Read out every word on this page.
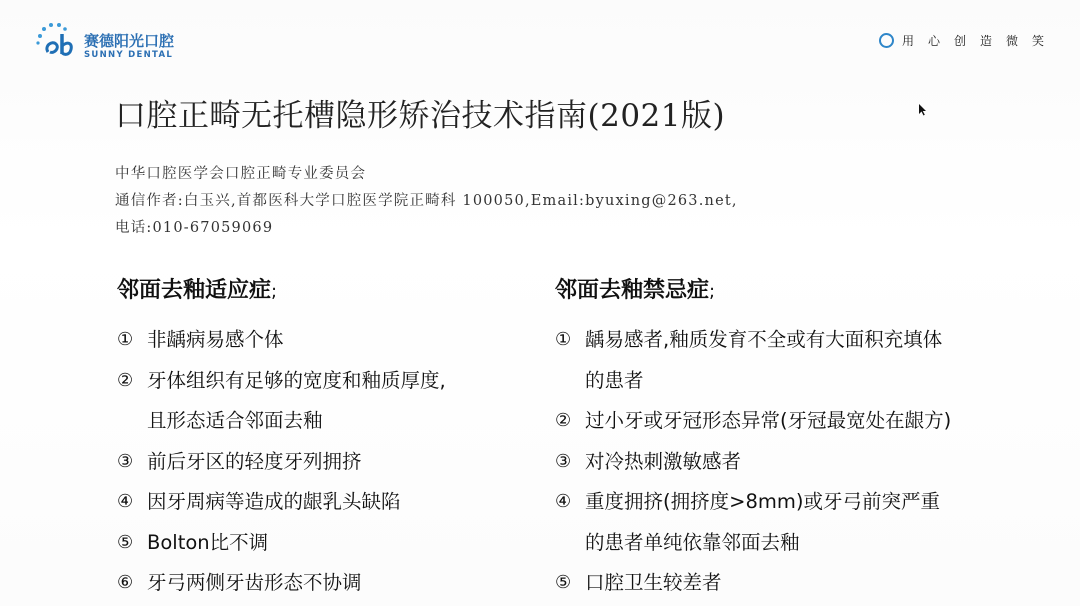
赛德阳光口腔
SUNNY DENTAL
用心创造微笑
口腔正畸无托槽隐形矫治技术指南(2021版)
中华口腔医学会口腔正畸专业委员会
通信作者:白玉兴,首都医科大学口腔医学院正畸科 100050,Email:byuxing@263.net,
电话:010-67059069
邻面去釉适应症;
① 非龋病易感个体
② 牙体组织有足够的宽度和釉质厚度,
且形态适合邻面去釉
③ 前后牙区的轻度牙列拥挤
④ 因牙周病等造成的龈乳头缺陷
⑤ Bolton比不调
⑥ 牙弓两侧牙齿形态不协调
邻面去釉禁忌症;
① 龋易感者,釉质发育不全或有大面积充填体
的患者
② 过小牙或牙冠形态异常(牙冠最宽处在龈方)
③ 对冷热刺激敏感者
④ 重度拥挤(拥挤度>8mm)或牙弓前突严重
的患者单纯依靠邻面去釉
⑤ 口腔卫生较差者
